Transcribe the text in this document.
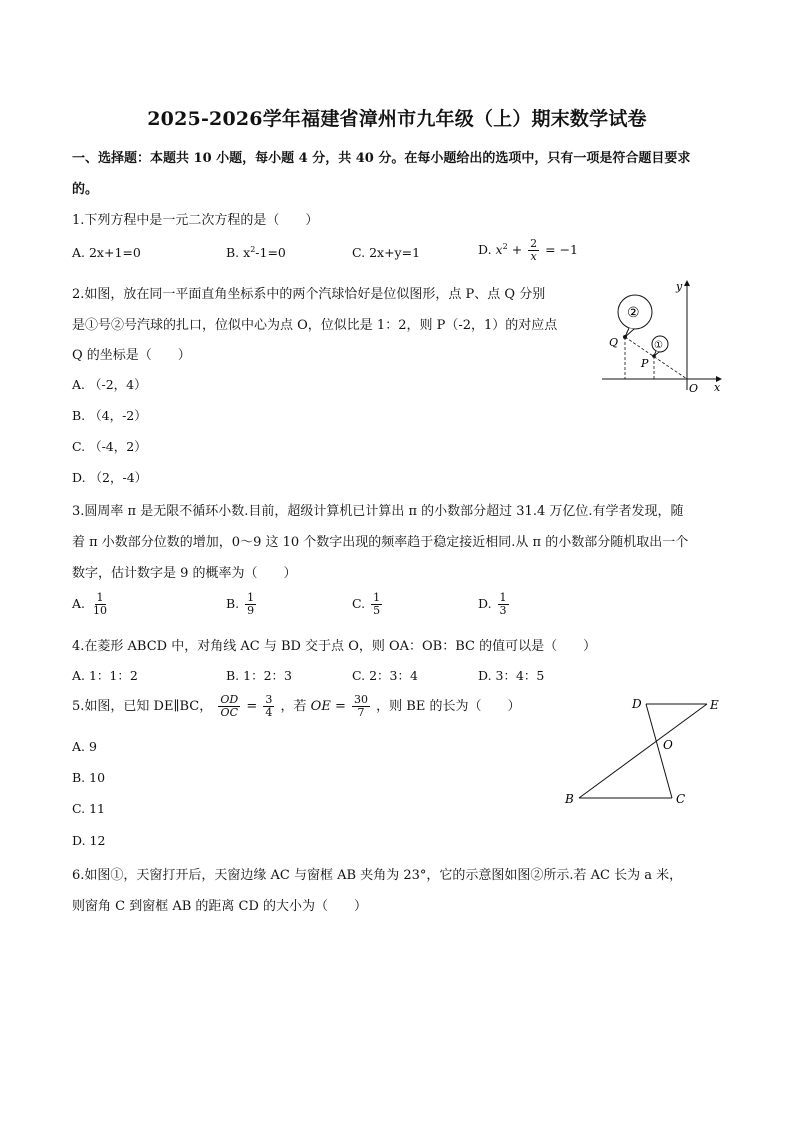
2025-2026学年福建省漳州市九年级（上）期末数学试卷
一、选择题：本题共 10 小题，每小题 4 分，共 40 分。在每小题给出的选项中，只有一项是符合题目要求
的。
1.下列方程中是一元二次方程的是（　　）
A. 2x+1=0	B. $x^2-1=0$	C. 2x+y=1	D. $x^2 + \frac{2}{x} = -1$
2.如图，放在同一平面直角坐标系中的两个汽球恰好是位似图形，点 P、点 Q 分别
是①号②号汽球的扎口，位似中心为点 O，位似比是 1：2，则 P（-2，1）的对应点
Q 的坐标是（　　）
A. （-2，4）
B. （4，-2）
C. （-4，2）
D. （2，-4）
y
x
O
②
Q	①
P
3.圆周率 π 是无限不循环小数.目前，超级计算机已计算出 π 的小数部分超过 31.4 万亿位.有学者发现，随
着 π 小数部分位数的增加，0～9 这 10 个数字出现的频率趋于稳定接近相同.从 π 的小数部分随机取出一个
数字，估计数字是 9 的概率为（　　）
A. $\frac{1}{10}$	B. $\frac{1}{9}$	C. $\frac{1}{5}$	D. $\frac{1}{3}$
4.在菱形 ABCD 中，对角线 AC 与 BD 交于点 O，则 OA：OB：BC 的值可以是（　　）
A. 1：1：2	B. 1：2：3	C. 2：3：4	D. 3：4：5
5.如图，已知 DE∥BC， $\frac{OD}{OC} = \frac{3}{4}$ ，若 OE = $\frac{30}{7}$ ，则 BE 的长为（　　）
A. 9
B. 10
C. 11
D. 12
D	E
O
B	C
6.如图①，天窗打开后，天窗边缘 AC 与窗框 AB 夹角为 23°，它的示意图如图②所示.若 AC 长为 a 米，
则窗角 C 到窗框 AB 的距离 CD 的大小为（　　）
